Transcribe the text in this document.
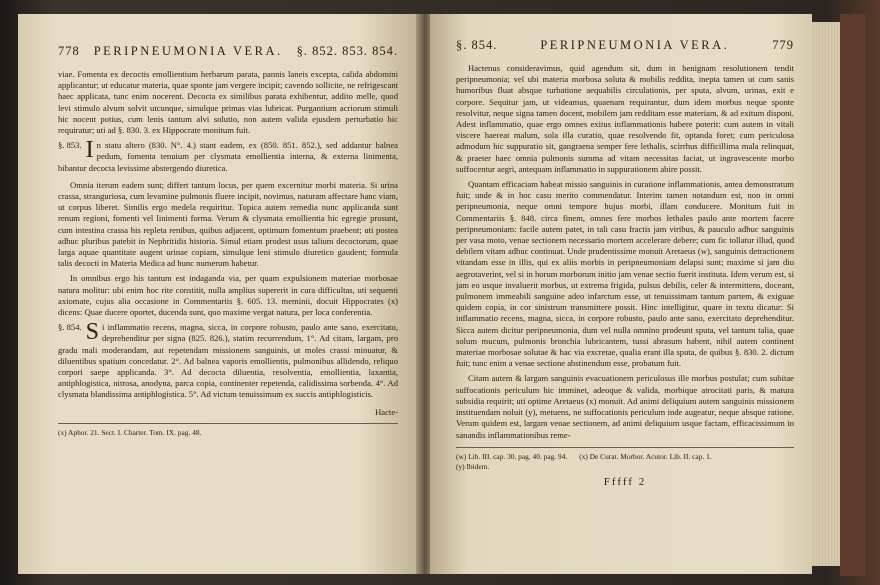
778 PERIPNEUMONIA VERA. §. 852. 853. 854.

viae. Fomenta ex decoctis emollientium herbarum parata, pannis laneis excepta, calida abdomini applicantur; ut educatur materia, quae sponte jam vergere incipit; cavendo sollicite, ne refrigescant haec applicata, tunc enim nocerent. Decocta ex similibus parata exhibentur, addito melle, quod levi stimulo alvum solvit utcunque, simulque primas vias lubricat. Purgantium acriorum stimuli hic nocent potius, cum lenis tantum alvi solutio, non autem valida ejusdem perturbatio hic requiratur; uti ad §. 830. 3. ex Hippocrate monitum fuit.

§. 853. I n statu altero (830. N°. 4.) stant eadem, ex (850. 851. 852.), sed addantur balnea pedum, fomenta tenuium per clysmata emollientia interna, & externa linimenta, bibantur decocta levissime abstergendo diuretica.

Omnia iterum eadem sunt; differt tantum locus, per quem excernitur morbi materia. Si urina crassa, stranguriosa, cum levamine pulmonis fluere incipit, novimus, naturam affectare hanc viam, ut corpus liberet. Similis ergo medela requiritur. Topica autem remedia nunc applicanda sunt renum regioni, fomenti vel linimenti forma. Verum & clysmata emollientia hic egregie prosunt, cum intestina crassa his repleta renibus, quibus adjacent, optimum fomentum praebent; uti postea adhuc pluribus patebit in Nephritidis historia. Simul etiam prodest usus talium decoctorum, quae larga aquae quantitate augent urinae copiam, simulque leni stimulo diuretico gaudent; formula talis decocti in Materia Medica ad hunc numerum habetur.

In omnibus ergo his tantum est indaganda via, per quam expulsionem materiae morbosae natura molitur: ubi enim hoc rite constitit, nulla amplius supererit in cura difficultas, uti sequenti axiomate, cujus alia occasione in Commentariis §. 605. 13. meminii, docuit Hippocrates (x) dicens: Quae ducere oportet, ducenda sunt, quo maxime vergat natura, per loca conferentia.

§. 854. S i inflammatio recens, magna, sicca, in corpore robusto, paulo ante sano, exercitato, deprehenditur per signa (825. 826.), statim recurrendum, 1°. Ad citam, largam, pro gradu mali moderandam, aut repetendam missionem sanguinis, ut moles crassi minuatur, & diluentibus spatium concedatur. 2°. Ad balnea vaporis emollientis, pulmonibus allidendo, reliquo corpori saepe applicanda. 3°. Ad decocta diluentia, resolventia, emollientia, laxantia, antiphlogistica, nitrosa, anodyna, parca copia, continenter repetenda, calidissima sorbenda. 4°. Ad clysmata blandissima antiphlogistica. 5°. Ad victum tenuissimum ex succis antiphlogisticis.
Hacte-
(x) Aphor. 21. Sect. I. Charter. Tom. IX. pag. 48.
§. 854.	PERIPNEUMONIA VERA.	779

Hactenus consideravimus, quid agendum sit, dum in benignam resolutionem tendit peripneumonia; vel ubi materia morbosa soluta & mobilis reddita, inepta tamen ut cum sanis humoribus fluat absque turbatione aequabilis circulationis, per sputa, alvum, urinas, exit e corpore. Sequitur jam, ut videamus, quaenam requirantur, dum idem morbus neque sponte resolvitur, neque signa tamen docent, mobilem jam redditam esse materiam, & ad exitum disponi. Adest inflammatio, quae ergo omnes exitus inflammationis habere poterit: cum autem in vitali viscere haereat malum, sola illa curatio, quae resolvendo fit, optanda foret; cum periculosa admodum hic suppuratio sit, gangraena semper fere lethalis, scirrhus difficillima mala relinquat, & praeter haec omnia pulmonis summa ad vitam necessitas faciat, ut ingravescente morbo suffocentur aegri, antequam inflammatio in suppurationem abire possit.

Quantam efficaciam habeat missio sanguinis in curatione inflammationis, antea demonstratum fuit; unde & in hoc casu merito commendatur. Interim tamen notandum est, non in omni peripneumonia, neque omni tempore hujus morbi, illam conducere. Monitum fuit in Commentariis §. 848. circa finem, omnes fere morbos lethales paulo ante mortem facere peripneumoniam: facile autem patet, in tali casu fractis jam viribus, & pauculo adhuc sanguinis per vasa moto, venae sectionem necessario mortem accelerare debere; cum fic tollatur illud, quod debilem vitam adhuc continuat. Unde prudentissime monuit Aretaeus (w), sanguinis detractionem vitandam esse in illis, qui ex aliis morbis in peripneumoniam delapsi sunt; maxime si jam diu aegrotaverint, vel si in horum morborum initio jam venae sectio fuerit instituta. Idem verum est, si jam eo usque invaluerit morbus, ut extrema frigida, pulsus debilis, celer & intermittens, doceant, pulmonem immeabili sanguine adeo infarctum esse, ut tenuissimam tantum partem, & exiguae quidem copia, in cor sinistrum transmittere possit. Hinc intelligitur, quare in textu dicatur: Si inflammatio recens, magna, sicca, in corpore robusto, paulo ante sano, exercitato deprehenditur. Sicca autem dicitur peripneumonia, dum vel nulla omnino prodeunt sputa, vel tantum talia, quae solum mucum, pulmonis bronchia lubricantem, tussi abrasum habent, nihil autem continent materiae morbosae solutae & hac via excretae, qualia erant illa sputa, de quibus §. 830. 2. dictum fuit; tunc enim a venae sectione abstinendum esse, probatum fuit.

Citam autem & largam sanguinis evacuationem periculosus ille morbus postulat; cum subitae suffocationis periculum hic imminet, adeoque & valida, morbique atrocitati paris, & matura subsidia requirit; uti optime Aretaeus (x) monuit. Ad animi deliquium autem sanguinis missionem instituendam noluit (y), metuens, ne suffocationis periculum inde augeatur, neque absque ratione. Verum quidem est, largam venae sectionem, ad animi deliquium usque factam, efficacissimum in sanandis inflammationibus reme-

(w) Lib. III. cap. 30. pag. 40. pag. 94. (x) De Curat. Morbor. Acutor. Lib. II. cap. 1.
(y) Ibidem.
Fffff 2
